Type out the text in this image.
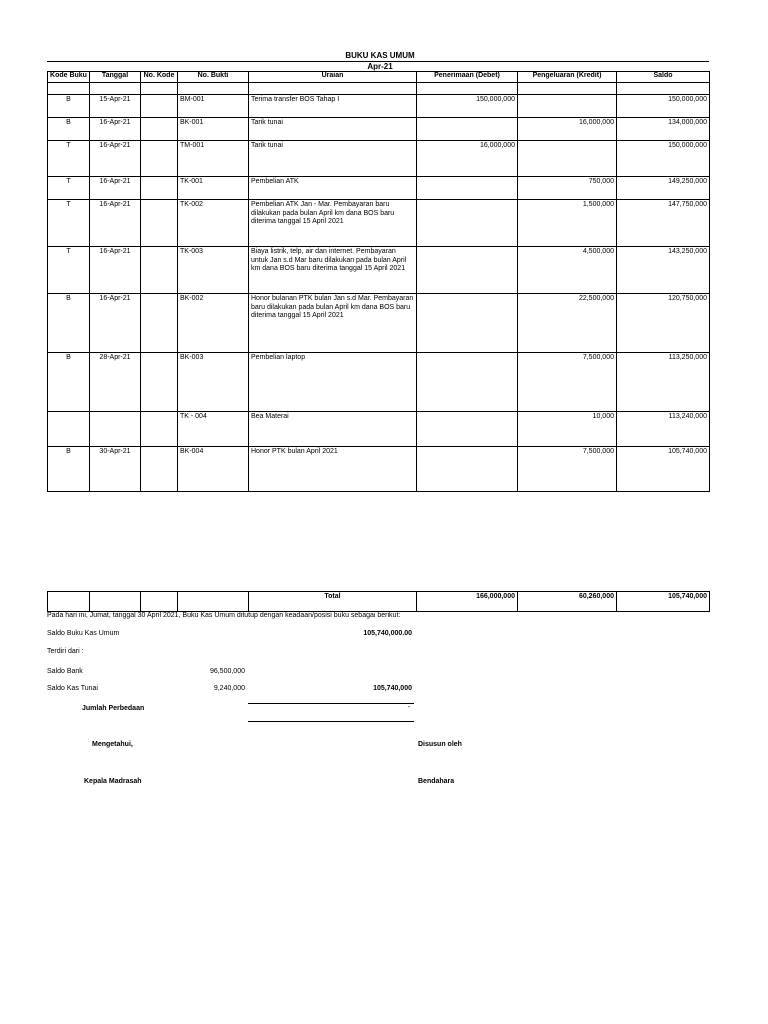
BUKU KAS UMUM
Apr-21
Kode Buku	Tanggal	No. Kode	No. Bukti	Uraian	Penerimaan (Debet)	Pengeluaran (Kredit)	Saldo

B	15-Apr-21		BM-001	Terima transfer BOS Tahap I	150,000,000		150,000,000
B	16-Apr-21		BK-001	Tarik tunai		16,000,000	134,000,000
T	16-Apr-21		TM-001	Tarik tunai	16,000,000		150,000,000
T	16-Apr-21		TK-001	Pembelian ATK		750,000	149,250,000
T	16-Apr-21		TK-002	Pembelian ATK Jan - Mar. Pembayaran baru dilakukan pada bulan April km dana BOS baru diterima tanggal 15 April 2021		1,500,000	147,750,000
T	16-Apr-21		TK-003	Biaya listrik, telp, air dan internet. Pembayaran untuk Jan s.d Mar baru dilakukan pada bulan April km dana BOS baru diterima tanggal 15 April 2021		4,500,000	143,250,000
B	16-Apr-21		BK-002	Honor bulanan PTK bulan Jan s.d Mar. Pembayaran baru dilakukan pada bulan April km dana BOS baru diterima tanggal 15 April 2021		22,500,000	120,750,000
B	28-Apr-21		BK-003	Pembelian laptop		7,500,000	113,250,000
			TK - 004	Bea Materai		10,000	113,240,000
B	30-Apr-21		BK-004	Honor PTK bulan April 2021		7,500,000	105,740,000
				Total	166,000,000	60,260,000	105,740,000
Pada hari ini, Jumat, tanggal 30 April 2021, Buku Kas Umum ditutup dengan keadaan/posisi buku sebagai berikut:
Saldo Buku Kas Umum	105,740,000.00
Terdiri dari :
Saldo Bank	96,500,000
Saldo Kas Tunai	9,240,000	105,740,000
Jumlah Perbedaan	-
Mengetahui,
Kepala Madrasah
Disusun oleh
Bendahara
